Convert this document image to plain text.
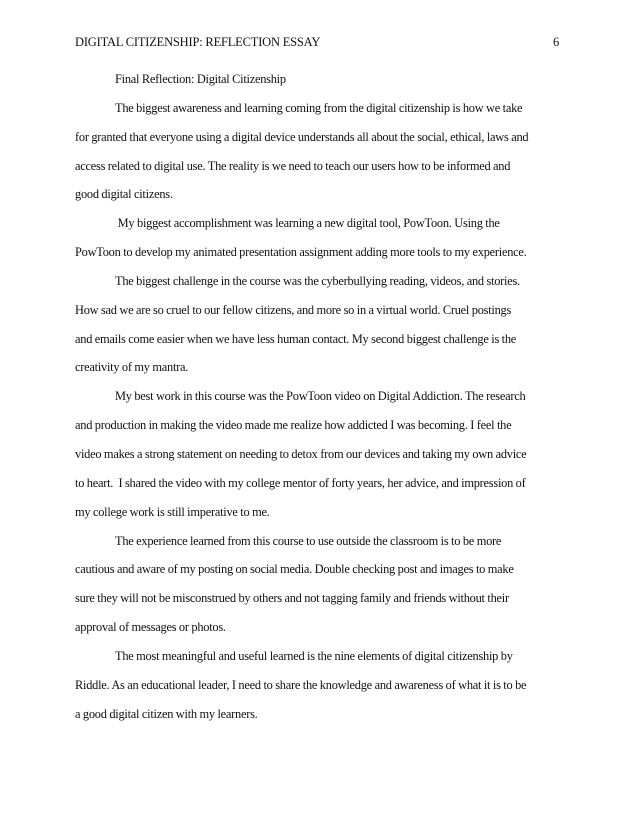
DIGITAL CITIZENSHIP: REFLECTION ESSAY	6
Final Reflection: Digital Citizenship
The biggest awareness and learning coming from the digital citizenship is how we take
for granted that everyone using a digital device understands all about the social, ethical, laws and
access related to digital use. The reality is we need to teach our users how to be informed and
good digital citizens.
My biggest accomplishment was learning a new digital tool, PowToon. Using the
PowToon to develop my animated presentation assignment adding more tools to my experience.
The biggest challenge in the course was the cyberbullying reading, videos, and stories.
How sad we are so cruel to our fellow citizens, and more so in a virtual world. Cruel postings
and emails come easier when we have less human contact. My second biggest challenge is the
creativity of my mantra.
My best work in this course was the PowToon video on Digital Addiction. The research
and production in making the video made me realize how addicted I was becoming. I feel the
video makes a strong statement on needing to detox from our devices and taking my own advice
to heart.  I shared the video with my college mentor of forty years, her advice, and impression of
my college work is still imperative to me.
The experience learned from this course to use outside the classroom is to be more
cautious and aware of my posting on social media. Double checking post and images to make
sure they will not be misconstrued by others and not tagging family and friends without their
approval of messages or photos.
The most meaningful and useful learned is the nine elements of digital citizenship by
Riddle. As an educational leader, I need to share the knowledge and awareness of what it is to be
a good digital citizen with my learners.
